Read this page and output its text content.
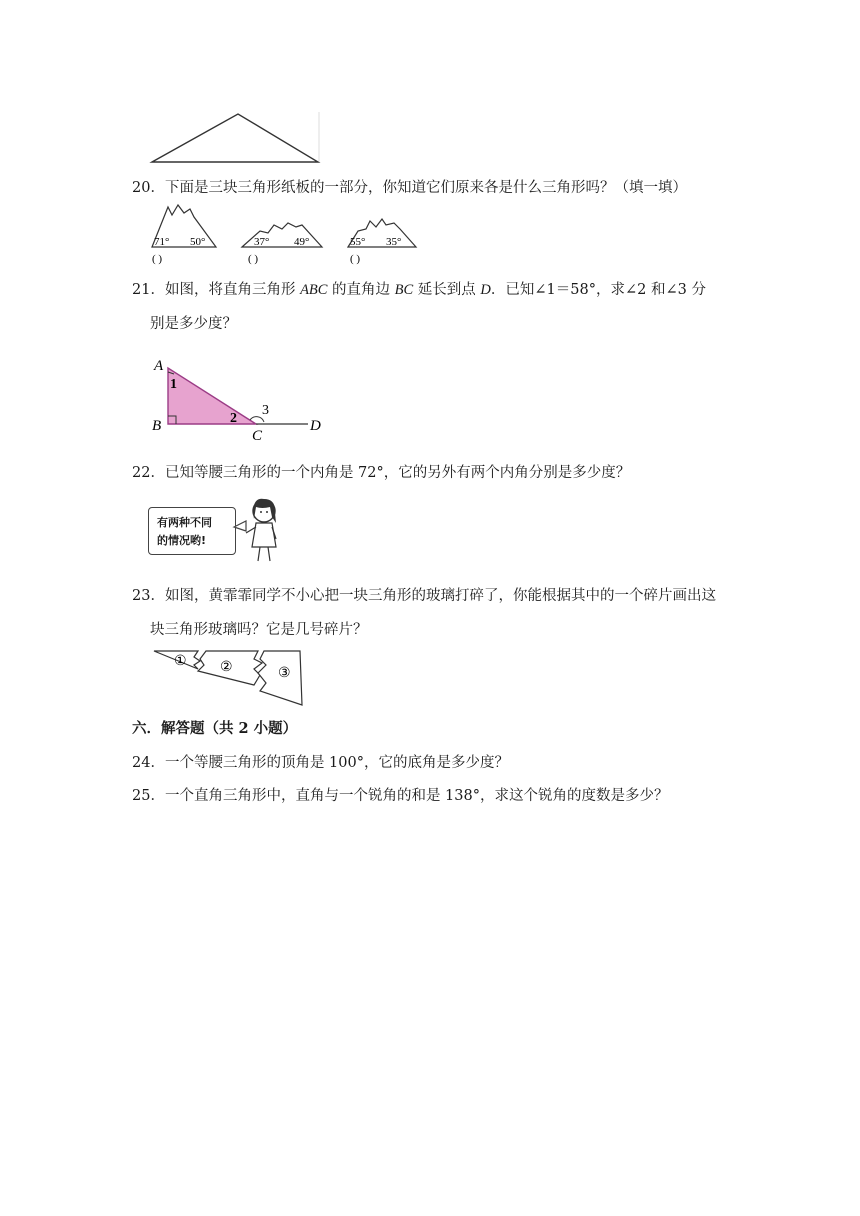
20．下面是三块三角形纸板的一部分，你知道它们原来各是什么三角形吗？（填一填）
71° 50°
( )
37° 49°
( )
55° 35°
( )
21．如图，将直角三角形 ABC 的直角边 BC 延长到点 D．已知∠1＝58°，求∠2 和∠3 分
别是多少度？
A
B
C
D
1
2
3
22．已知等腰三角形的一个内角是 72°，它的另外有两个内角分别是多少度？
有两种不同
的情况哟!
23．如图，黄霏霏同学不小心把一块三角形的玻璃打碎了，你能根据其中的一个碎片画出这
块三角形玻璃吗？它是几号碎片？
① ②	③
六．解答题（共 2 小题）
24．一个等腰三角形的顶角是 100°，它的底角是多少度？
25．一个直角三角形中，直角与一个锐角的和是 138°，求这个锐角的度数是多少？
